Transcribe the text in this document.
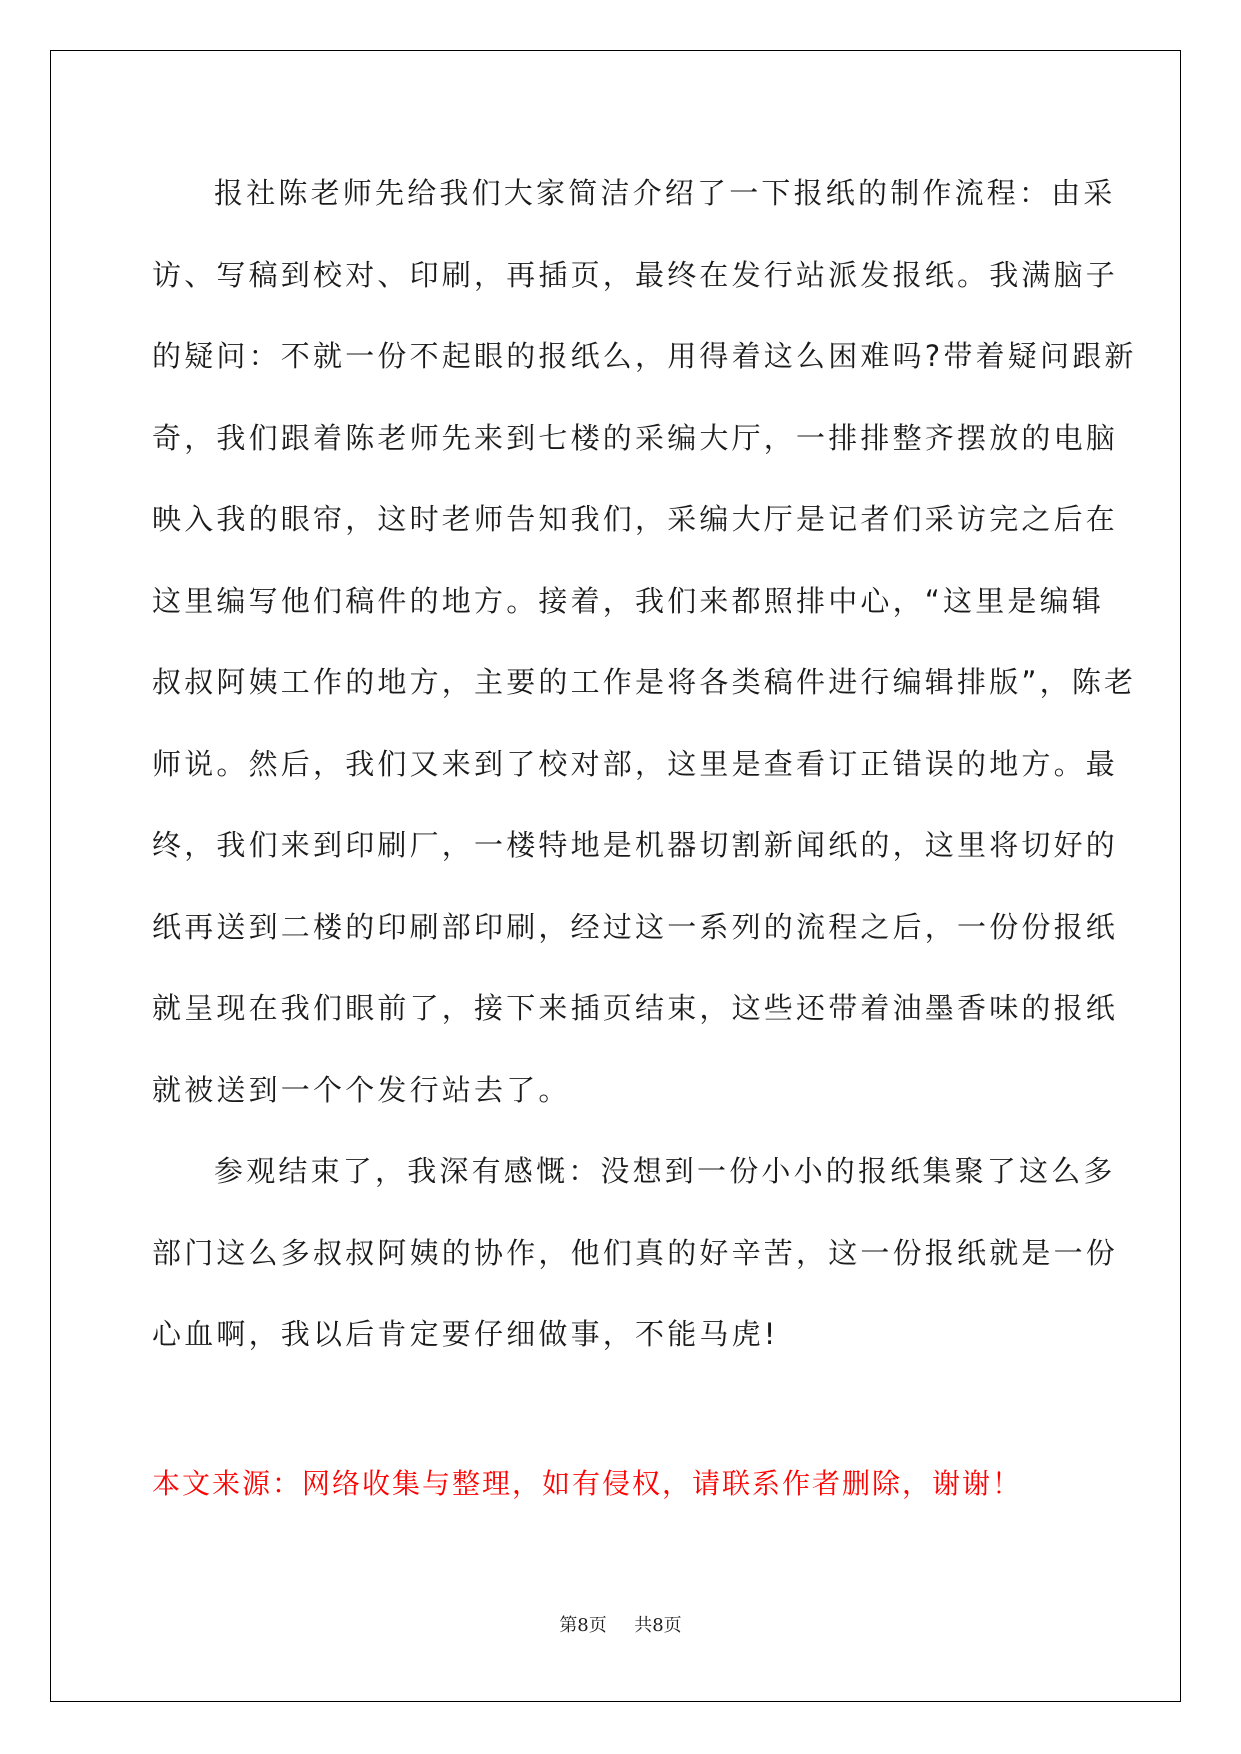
报社陈老师先给我们大家简洁介绍了一下报纸的制作流程：由采
访、写稿到校对、印刷，再插页，最终在发行站派发报纸。我满脑子
的疑问：不就一份不起眼的报纸么，用得着这么困难吗?带着疑问跟新
奇，我们跟着陈老师先来到七楼的采编大厅，一排排整齐摆放的电脑
映入我的眼帘，这时老师告知我们，采编大厅是记者们采访完之后在
这里编写他们稿件的地方。接着，我们来都照排中心，“这里是编辑
叔叔阿姨工作的地方，主要的工作是将各类稿件进行编辑排版”，陈老
师说。然后，我们又来到了校对部，这里是查看订正错误的地方。最
终，我们来到印刷厂，一楼特地是机器切割新闻纸的，这里将切好的
纸再送到二楼的印刷部印刷，经过这一系列的流程之后，一份份报纸
就呈现在我们眼前了，接下来插页结束，这些还带着油墨香味的报纸
就被送到一个个发行站去了。
参观结束了，我深有感慨：没想到一份小小的报纸集聚了这么多
部门这么多叔叔阿姨的协作，他们真的好辛苦，这一份报纸就是一份
心血啊，我以后肯定要仔细做事，不能马虎!
本文来源：网络收集与整理，如有侵权，请联系作者删除，谢谢！
第8页 共8页
